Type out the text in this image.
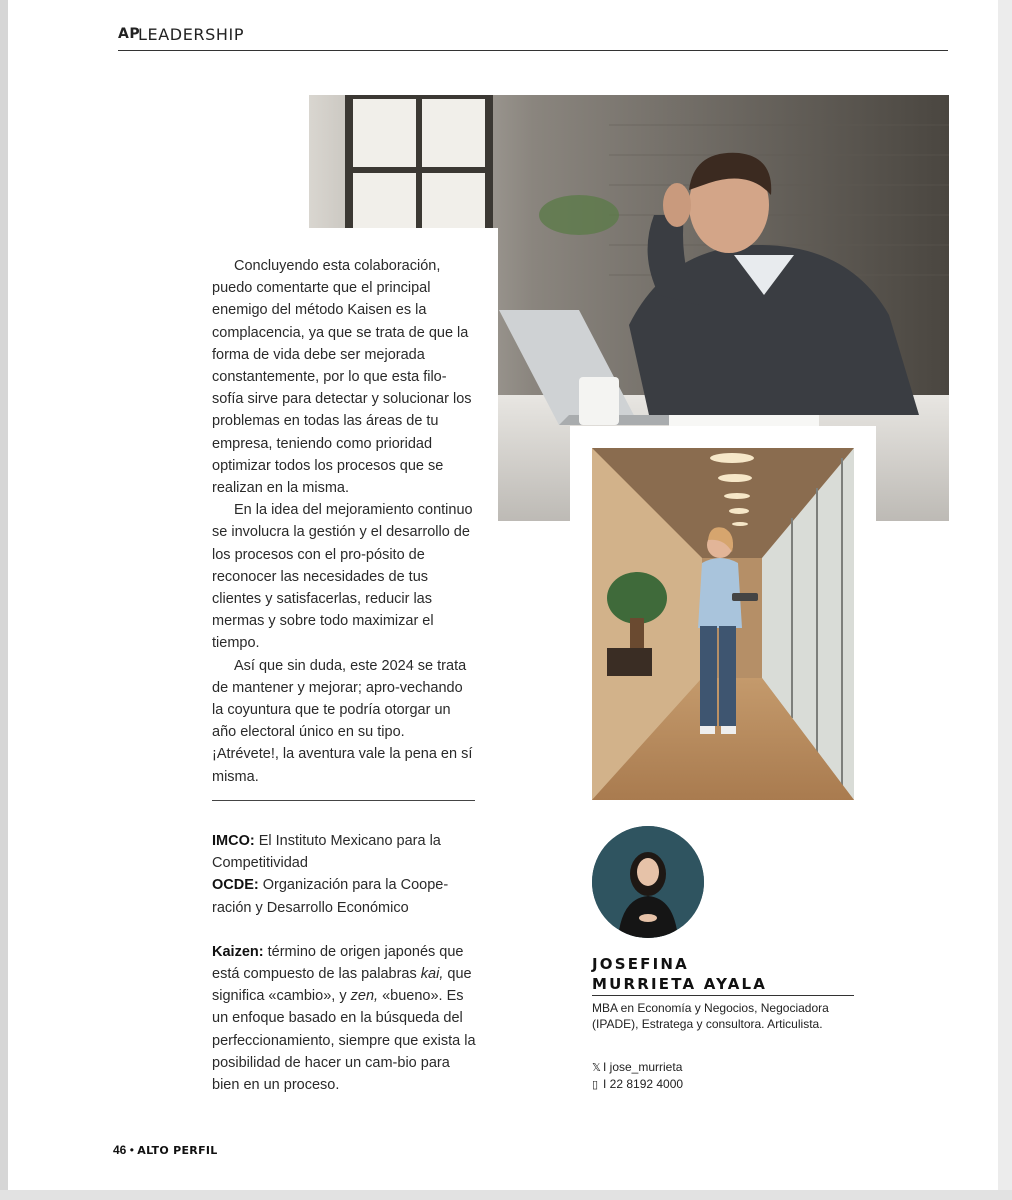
AP
LEADERSHIP

Concluyendo esta colaboración, puedo comentarte que el principal enemigo del método Kaisen es la complacencia, ya que se trata de que la forma de vida debe ser mejorada constantemente, por lo que esta filo-sofía sirve para detectar y solucionar los problemas en todas las áreas de tu empresa, teniendo como prioridad optimizar todos los procesos que se realizan en la misma.

En la idea del mejoramiento continuo se involucra la gestión y el desarrollo de los procesos con el pro-pósito de reconocer las necesidades de tus clientes y satisfacerlas, reducir las mermas y sobre todo maximizar el tiempo.

Así que sin duda, este 2024 se trata de mantener y mejorar; apro-vechando la coyuntura que te podría otorgar un año electoral único en su tipo. ¡Atrévete!, la aventura vale la pena en sí misma.

IMCO: El Instituto Mexicano para la Competitividad

OCDE: Organización para la Coope-ración y Desarrollo Económico

Kaizen: término de origen japonés que está compuesto de las palabras kai, que significa «cambio», y zen, «bueno». Es un enfoque basado en la búsqueda del perfeccionamiento, siempre que exista la posibilidad de hacer un cam-bio para bien en un proceso.

JOSEFINA
MURRIETA AYALA
MBA en Economía y Negocios, Negociadora (IPADE), Estratega y consultora. Articulista.
𝕏 I jose_murrieta
▯ I 22 8192 4000
46 • ALTO PERFIL
